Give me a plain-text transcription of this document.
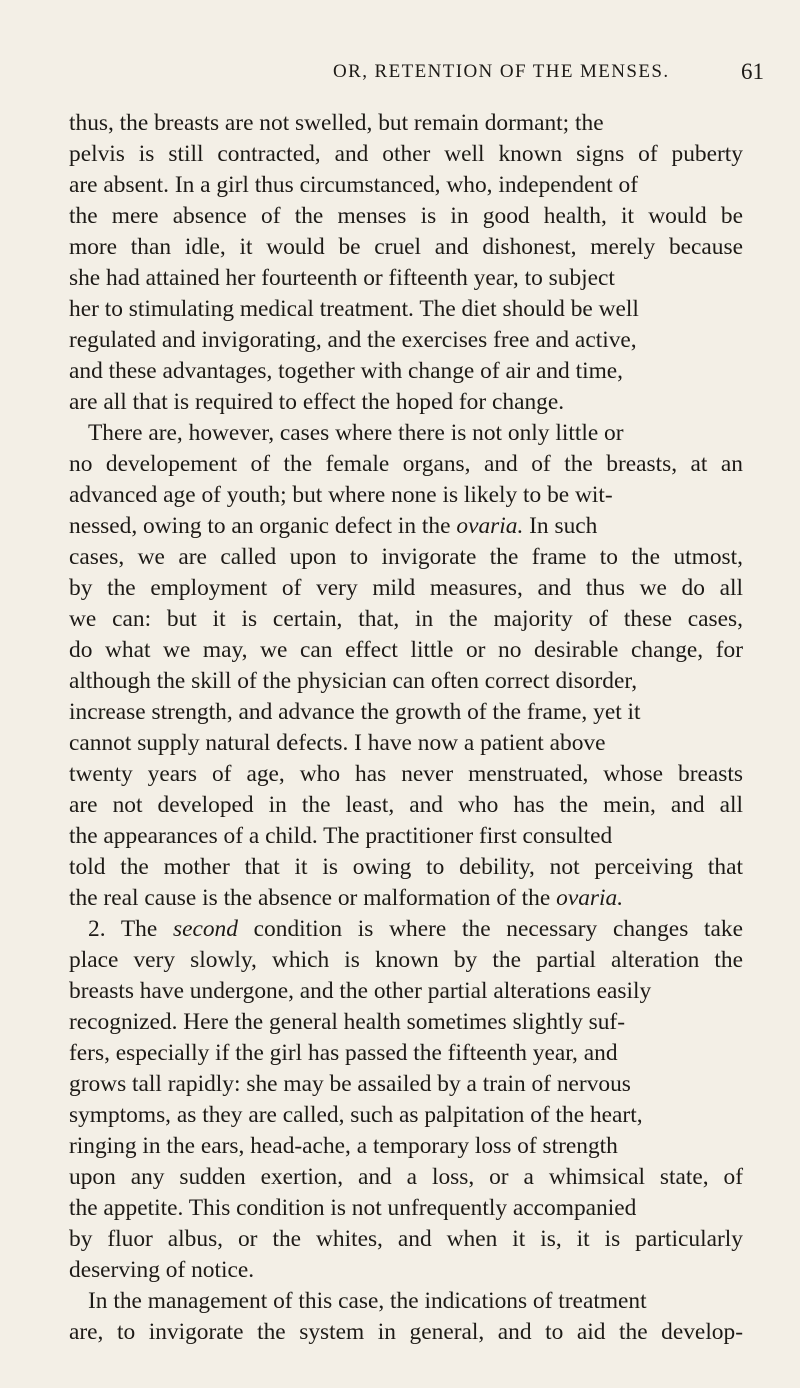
OR, RETENTION OF THE MENSES.	61
thus, the breasts are not swelled, but remain dormant; the
pelvis is still contracted, and other well known signs of puberty
are absent. In a girl thus circumstanced, who, independent of
the mere absence of the menses is in good health, it would be
more than idle, it would be cruel and dishonest, merely because
she had attained her fourteenth or fifteenth year, to subject
her to stimulating medical treatment. The diet should be well
regulated and invigorating, and the exercises free and active,
and these advantages, together with change of air and time,
are all that is required to effect the hoped for change.
There are, however, cases where there is not only little or
no developement of the female organs, and of the breasts, at an
advanced age of youth; but where none is likely to be wit-
nessed, owing to an organic defect in the ovaria. In such
cases, we are called upon to invigorate the frame to the utmost,
by the employment of very mild measures, and thus we do all
we can: but it is certain, that, in the majority of these cases,
do what we may, we can effect little or no desirable change, for
although the skill of the physician can often correct disorder,
increase strength, and advance the growth of the frame, yet it
cannot supply natural defects. I have now a patient above
twenty years of age, who has never menstruated, whose breasts
are not developed in the least, and who has the mein, and all
the appearances of a child. The practitioner first consulted
told the mother that it is owing to debility, not perceiving that
the real cause is the absence or malformation of the ovaria.
2. The second condition is where the necessary changes take
place very slowly, which is known by the partial alteration the
breasts have undergone, and the other partial alterations easily
recognized. Here the general health sometimes slightly suf-
fers, especially if the girl has passed the fifteenth year, and
grows tall rapidly: she may be assailed by a train of nervous
symptoms, as they are called, such as palpitation of the heart,
ringing in the ears, head-ache, a temporary loss of strength
upon any sudden exertion, and a loss, or a whimsical state, of
the appetite. This condition is not unfrequently accompanied
by fluor albus, or the whites, and when it is, it is particularly
deserving of notice.
In the management of this case, the indications of treatment
are, to invigorate the system in general, and to aid the develop-
